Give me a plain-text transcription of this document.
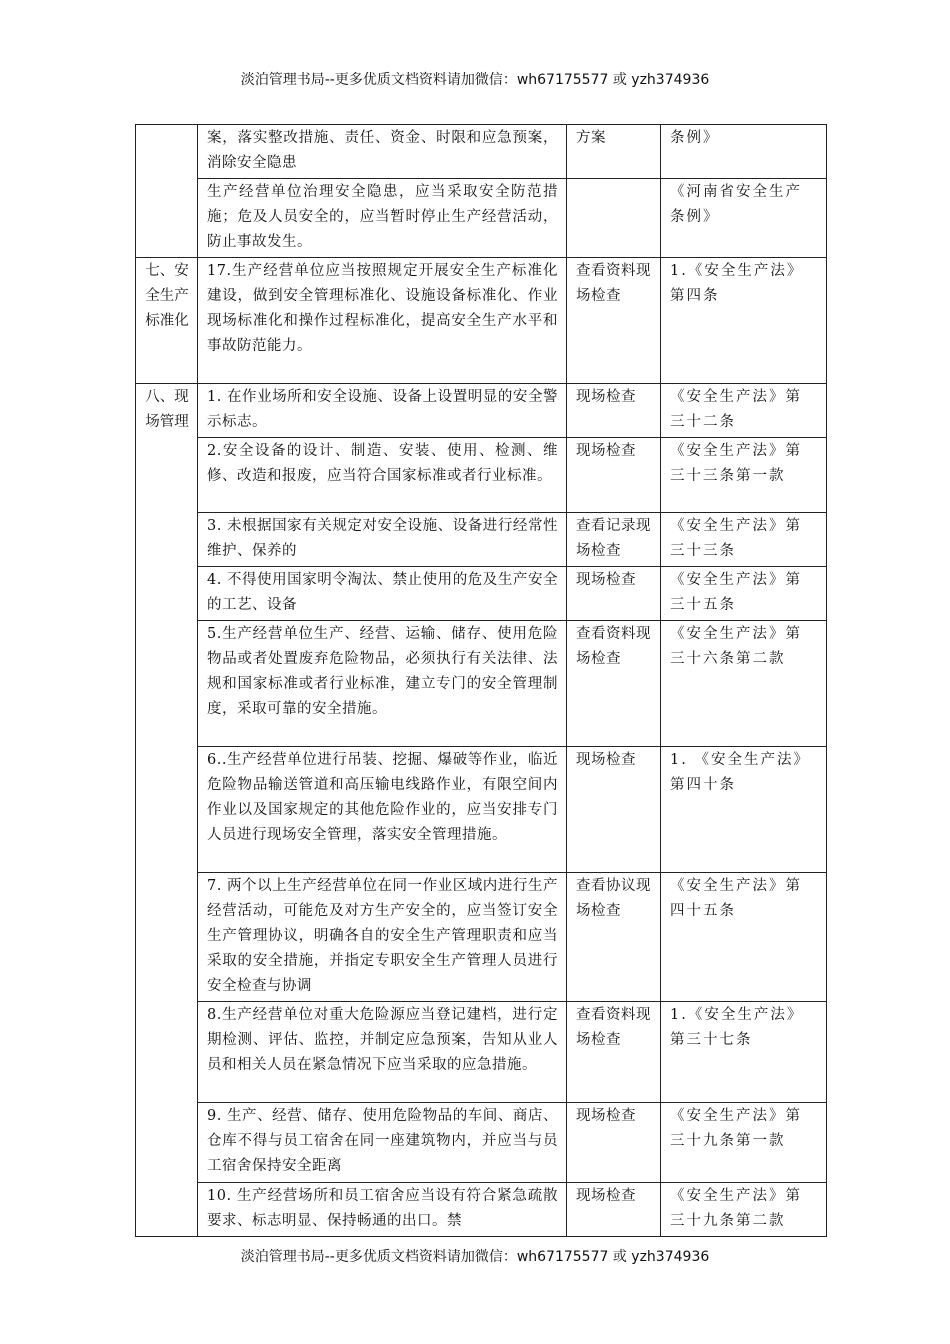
淡泊管理书局--更多优质文档资料请加微信：wh67175577 或 yzh374936
	案，落实整改措施、责任、资金、时限和应急预案，消除安全隐患	方案	条例》
	生产经营单位治理安全隐患，应当采取安全防范措施；危及人员安全的，应当暂时停止生产经营活动，防止事故发生。		《河南省安全生产条例》
七、安全生产标准化	17.生产经营单位应当按照规定开展安全生产标准化建设，做到安全管理标准化、设施设备标准化、作业现场标准化和操作过程标准化，提高安全生产水平和事故防范能力。	查看资料现场检查	1.《安全生产法》第四条
八、现场管理	1. 在作业场所和安全设施、设备上设置明显的安全警示标志。	现场检查	《安全生产法》第三十二条
	2.安全设备的设计、制造、安装、使用、检测、维修、改造和报废，应当符合国家标准或者行业标准。	现场检查	《安全生产法》第三十三条第一款
	3. 未根据国家有关规定对安全设施、设备进行经常性维护、保养的	查看记录现场检查	《安全生产法》第三十三条
	4. 不得使用国家明令淘汰、禁止使用的危及生产安全的工艺、设备	现场检查	《安全生产法》第三十五条
	5.生产经营单位生产、经营、运输、储存、使用危险物品或者处置废弃危险物品，必须执行有关法律、法规和国家标准或者行业标准，建立专门的安全管理制度，采取可靠的安全措施。	查看资料现场检查	《安全生产法》第三十六条第二款
	6..生产经营单位进行吊装、挖掘、爆破等作业，临近危险物品输送管道和高压输电线路作业，有限空间内作业以及国家规定的其他危险作业的，应当安排专门人员进行现场安全管理，落实安全管理措施。	现场检查	1. 《安全生产法》第四十条
	7. 两个以上生产经营单位在同一作业区域内进行生产经营活动，可能危及对方生产安全的，应当签订安全生产管理协议，明确各自的安全生产管理职责和应当采取的安全措施，并指定专职安全生产管理人员进行安全检查与协调	查看协议现场检查	《安全生产法》第四十五条
	8.生产经营单位对重大危险源应当登记建档，进行定期检测、评估、监控，并制定应急预案，告知从业人员和相关人员在紧急情况下应当采取的应急措施。	查看资料现场检查	1.《安全生产法》第三十七条
	9. 生产、经营、储存、使用危险物品的车间、商店、仓库不得与员工宿舍在同一座建筑物内，并应当与员工宿舍保持安全距离	现场检查	《安全生产法》第三十九条第一款
	10. 生产经营场所和员工宿舍应当设有符合紧急疏散要求、标志明显、保持畅通的出口。禁	现场检查	《安全生产法》第三十九条第二款
淡泊管理书局--更多优质文档资料请加微信：wh67175577 或 yzh374936
